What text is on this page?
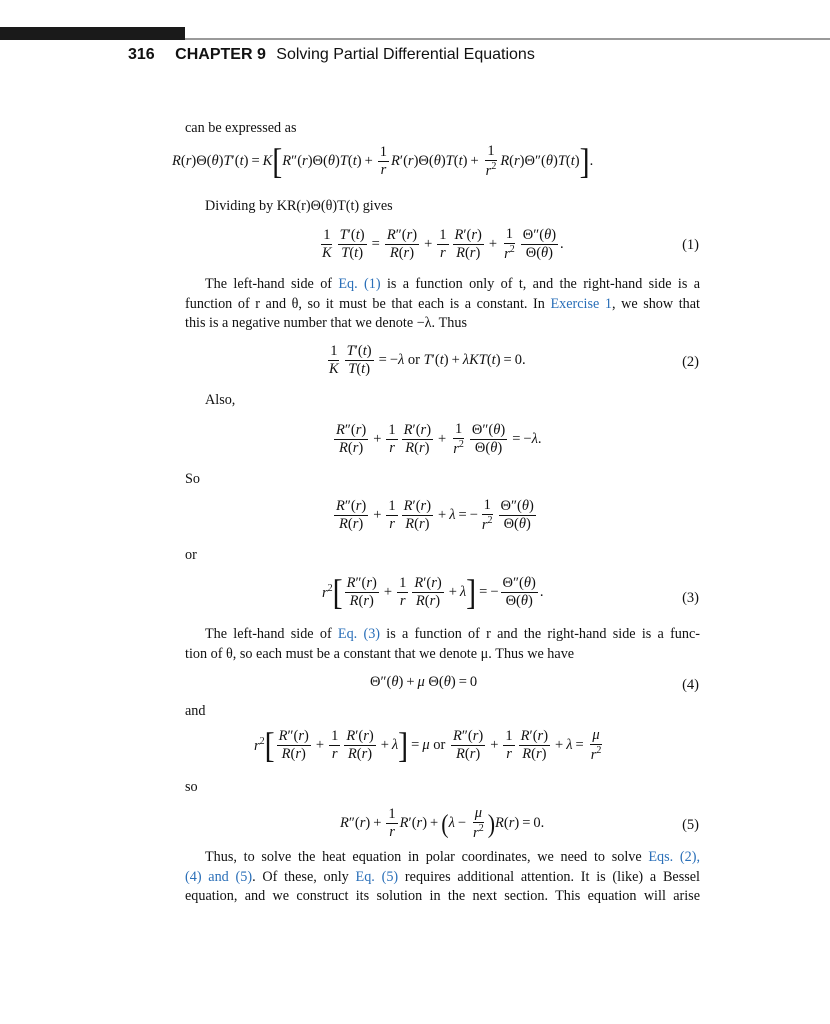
316 CHAPTER 9 Solving Partial Differential Equations
can be expressed as
R ( r )Θ( θ ) T ′( t ) = K [ R ″( r )Θ( θ ) T ( t ) + $\frac{1}{r}$ R ′( r )Θ( θ ) T ( t ) + $\frac{1}{r^2}$ R ( r )Θ″( θ ) T ( t ) ] .
Dividing by KR(r)Θ(θ)T(t) gives
$\frac{1}{K} \frac{T'(t)}{T(t)} = \frac{R''(r)}{R(r)} + \frac{1}{r} \frac{R'(r)}{R(r)} + \frac{1}{r^2} \frac{\Theta''(\theta)}{\Theta(\theta)}$ .	(1)
The left-hand side of Eq. (1) is a function only of t, and the right-hand side is a
function of r and θ, so it must be that each is a constant. In Exercise 1, we show that
this is a negative number that we denote −λ. Thus
$\frac{1}{K} \frac{T'(t)}{T(t)}$ = − λ or T ′( t ) + λKT ( t ) = 0.	(2)
Also,
$\frac{R''(r)}{R(r)} + \frac{1}{r} \frac{R'(r)}{R(r)} + \frac{1}{r^2} \frac{\Theta''(\theta)}{\Theta(\theta)}$ = − λ .
So
$\frac{R''(r)}{R(r)} + \frac{1}{r} \frac{R'(r)}{R(r)} + \lambda$ = − $\frac{1}{r^2} \frac{\Theta''(\theta)}{\Theta(\theta)}$
or
$r^2$ [ $\frac{R''(r)}{R(r)} + \frac{1}{r} \frac{R'(r)}{R(r)} + \lambda$ ] = − $\frac{\Theta''(\theta)}{\Theta(\theta)}$ .	(3)
The left-hand side of Eq. (3) is a function of r and the right-hand side is a func-
tion of θ, so each must be a constant that we denote μ. Thus we have
Θ″( θ ) + μ Θ( θ ) = 0	(4)
and
$r^2$ [ $\frac{R''(r)}{R(r)} + \frac{1}{r} \frac{R'(r)}{R(r)} + \lambda$ ] = μ or $\frac{R''(r)}{R(r)} + \frac{1}{r} \frac{R'(r)}{R(r)} + \lambda = \frac{\mu}{r^2}$
so
R ″( r ) + $\frac{1}{r}$ R ′( r ) + ( $\lambda - \frac{\mu}{r^2}$ ) R ( r ) = 0.	(5)
Thus, to solve the heat equation in polar coordinates, we need to solve Eqs. (2),
(4) and (5). Of these, only Eq. (5) requires additional attention. It is (like) a Bessel
equation, and we construct its solution in the next section. This equation will arise
